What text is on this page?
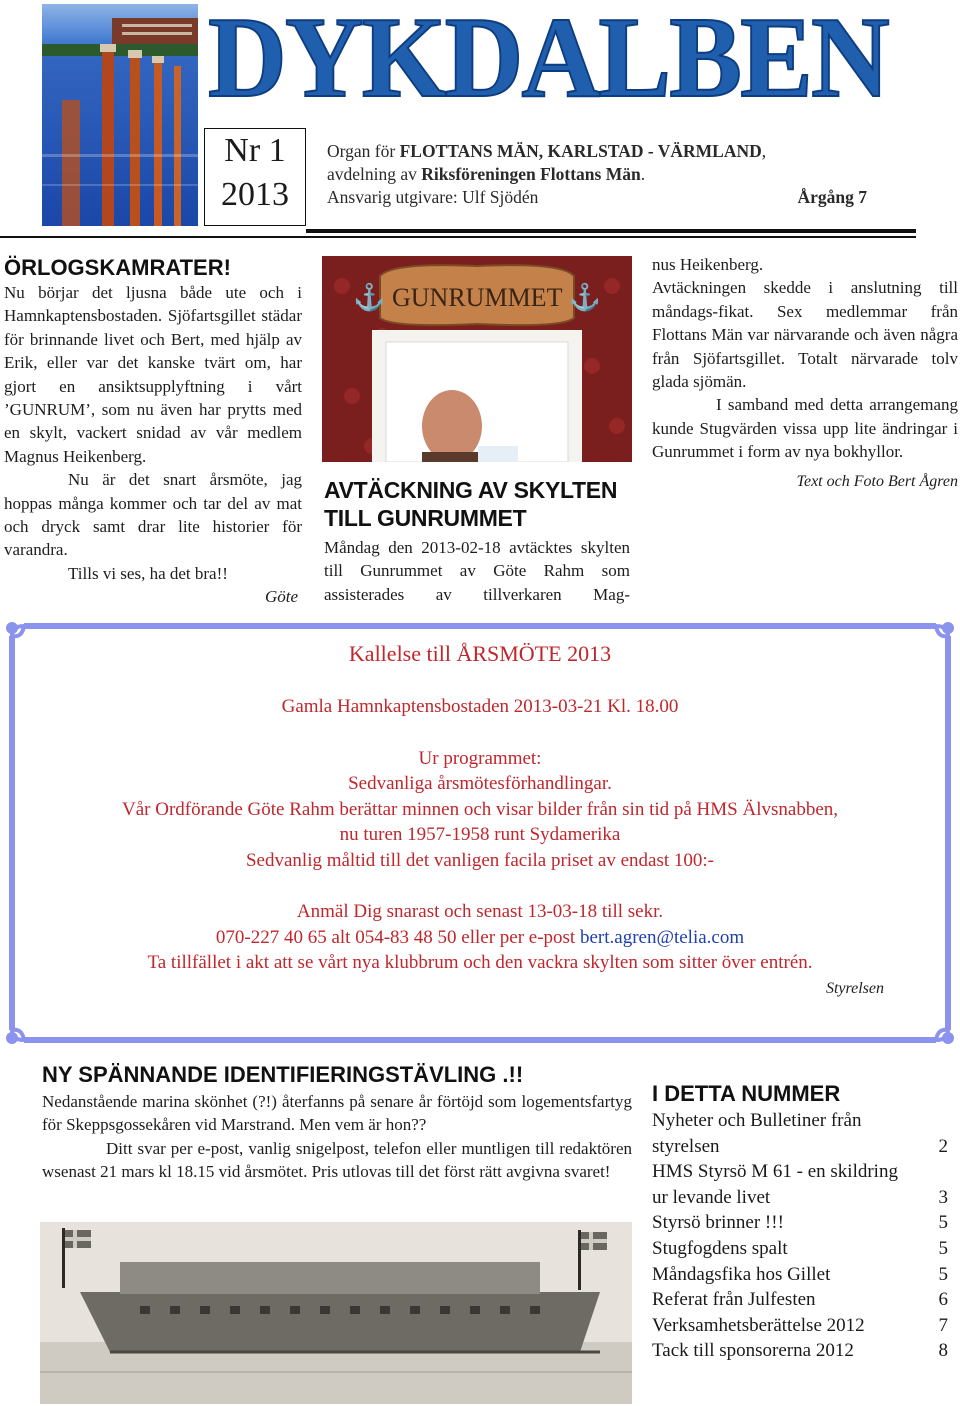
DYKDALBEN
Nr 1
2013
Organ för FLOTTANS MÄN, KARLSTAD - VÄRMLAND,
avdelning av Riksföreningen Flottans Män.
Ansvarig utgivare: Ulf Sjödén	Årgång 7
ÖRLOGSKAMRATER!
Nu börjar det ljusna både ute och i Hamnkaptensbostaden. Sjöfartsgillet städar för brinnande livet och Bert, med hjälp av Erik, eller var det kanske tvärt om, har gjort en ansiktsupplyftning i vårt ’GUNRUM’, som nu även har prytts med en skylt, vackert snidad av vår medlem Magnus Heikenberg.
Nu är det snart årsmöte, jag hoppas många kommer och tar del av mat och dryck samt drar lite historier för varandra.
Tills vi ses, ha det bra!!
Göte
⚓ GUNRUMMET ⚓
AVTÄCKNING AV SKYLTEN TILL GUNRUMMET
Måndag den 2013-02-18 avtäcktes skylten till Gunrummet av Göte Rahm som assisterades av tillverkaren Mag-
nus Heikenberg.
Avtäckningen skedde i anslutning till måndags-fikat. Sex medlemmar från Flottans Män var närvarande och även några från Sjöfartsgillet. Totalt närvarade tolv glada sjömän.
I samband med detta arrangemang kunde Stugvärden vissa upp lite ändringar i Gunrummet i form av nya bokhyllor.
Text och Foto Bert Ågren
Kallelse till ÅRSMÖTE 2013
Gamla Hamnkaptensbostaden 2013-03-21 Kl. 18.00
Ur programmet:
Sedvanliga årsmötesförhandlingar.
Vår Ordförande Göte Rahm berättar minnen och visar bilder från sin tid på HMS Älvsnabben,
nu turen 1957-1958 runt Sydamerika
Sedvanlig måltid till det vanligen facila priset av endast 100:-
Anmäl Dig snarast och senast 13-03-18 till sekr.
070-227 40 65 alt 054-83 48 50 eller per e-post bert.agren@telia.com
Ta tillfället i akt att se vårt nya klubbrum och den vackra skylten som sitter över entrén.
Styrelsen
NY SPÄNNANDE IDENTIFIERINGSTÄVLING .!!
Nedanstående marina skönhet (?!) återfanns på senare år förtöjd som logementsfartyg för Skeppsgossekåren vid Marstrand. Men vem är hon??
Ditt svar per e-post, vanlig snigelpost, telefon eller muntligen till redaktören wsenast 21 mars kl 18.15 vid årsmötet. Pris utlovas till det först rätt avgivna svaret!
I DETTA NUMMER
Nyheter och Bulletiner från styrelsen	2
HMS Styrsö M 61 - en skildring ur levande livet	3
Styrsö brinner !!!	5
Stugfogdens spalt	5
Måndagsfika hos Gillet	5
Referat från Julfesten	6
Verksamhetsberättelse 2012	7
Tack till sponsorerna 2012	8
